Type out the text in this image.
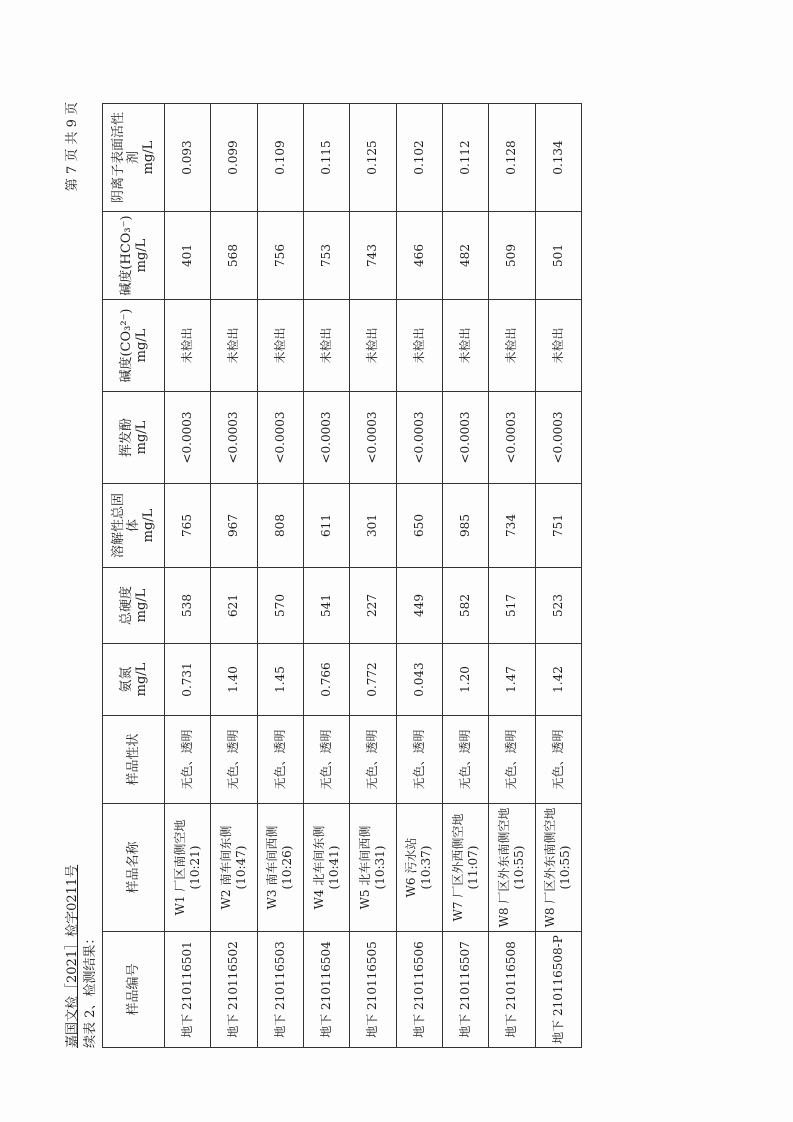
嘉国文检［2021］检字0211号 续表 2、检测结果：
第 7 页 共 9 页
样品编号	样品名称	样品性状	氨氮 mg/L	总硬度 mg/L	溶解性总固体 mg/L	挥发酚 mg/L	碱度(CO₃²⁻) mg/L	碱度(HCO₃⁻) mg/L	阴离子表面活性剂 mg/L

地下 210116501	W1 厂区南侧空地 (10:21)	无色、透明	0.731	538	765	<0.0003	未检出	401	0.093
地下 210116502	W2 南车间东侧 (10:47)	无色、透明	1.40	621	967	<0.0003	未检出	568	0.099
地下 210116503	W3 南车间西侧 (10:26)	无色、透明	1.45	570	808	<0.0003	未检出	756	0.109
地下 210116504	W4 北车间东侧 (10:41)	无色、透明	0.766	541	611	<0.0003	未检出	753	0.115
地下 210116505	W5 北车间西侧 (10:31)	无色、透明	0.772	227	301	<0.0003	未检出	743	0.125
地下 210116506	W6 污水站 (10:37)	无色、透明	0.043	449	650	<0.0003	未检出	466	0.102
地下 210116507	W7 厂区外西侧空地 (11:07)	无色、透明	1.20	582	985	<0.0003	未检出	482	0.112
地下 210116508	W8 厂区外东南侧空地 (10:55)	无色、透明	1.47	517	734	<0.0003	未检出	509	0.128
地下 210116508-P	W8 厂区外东南侧空地 (10:55)	无色、透明	1.42	523	751	<0.0003	未检出	501	0.134
